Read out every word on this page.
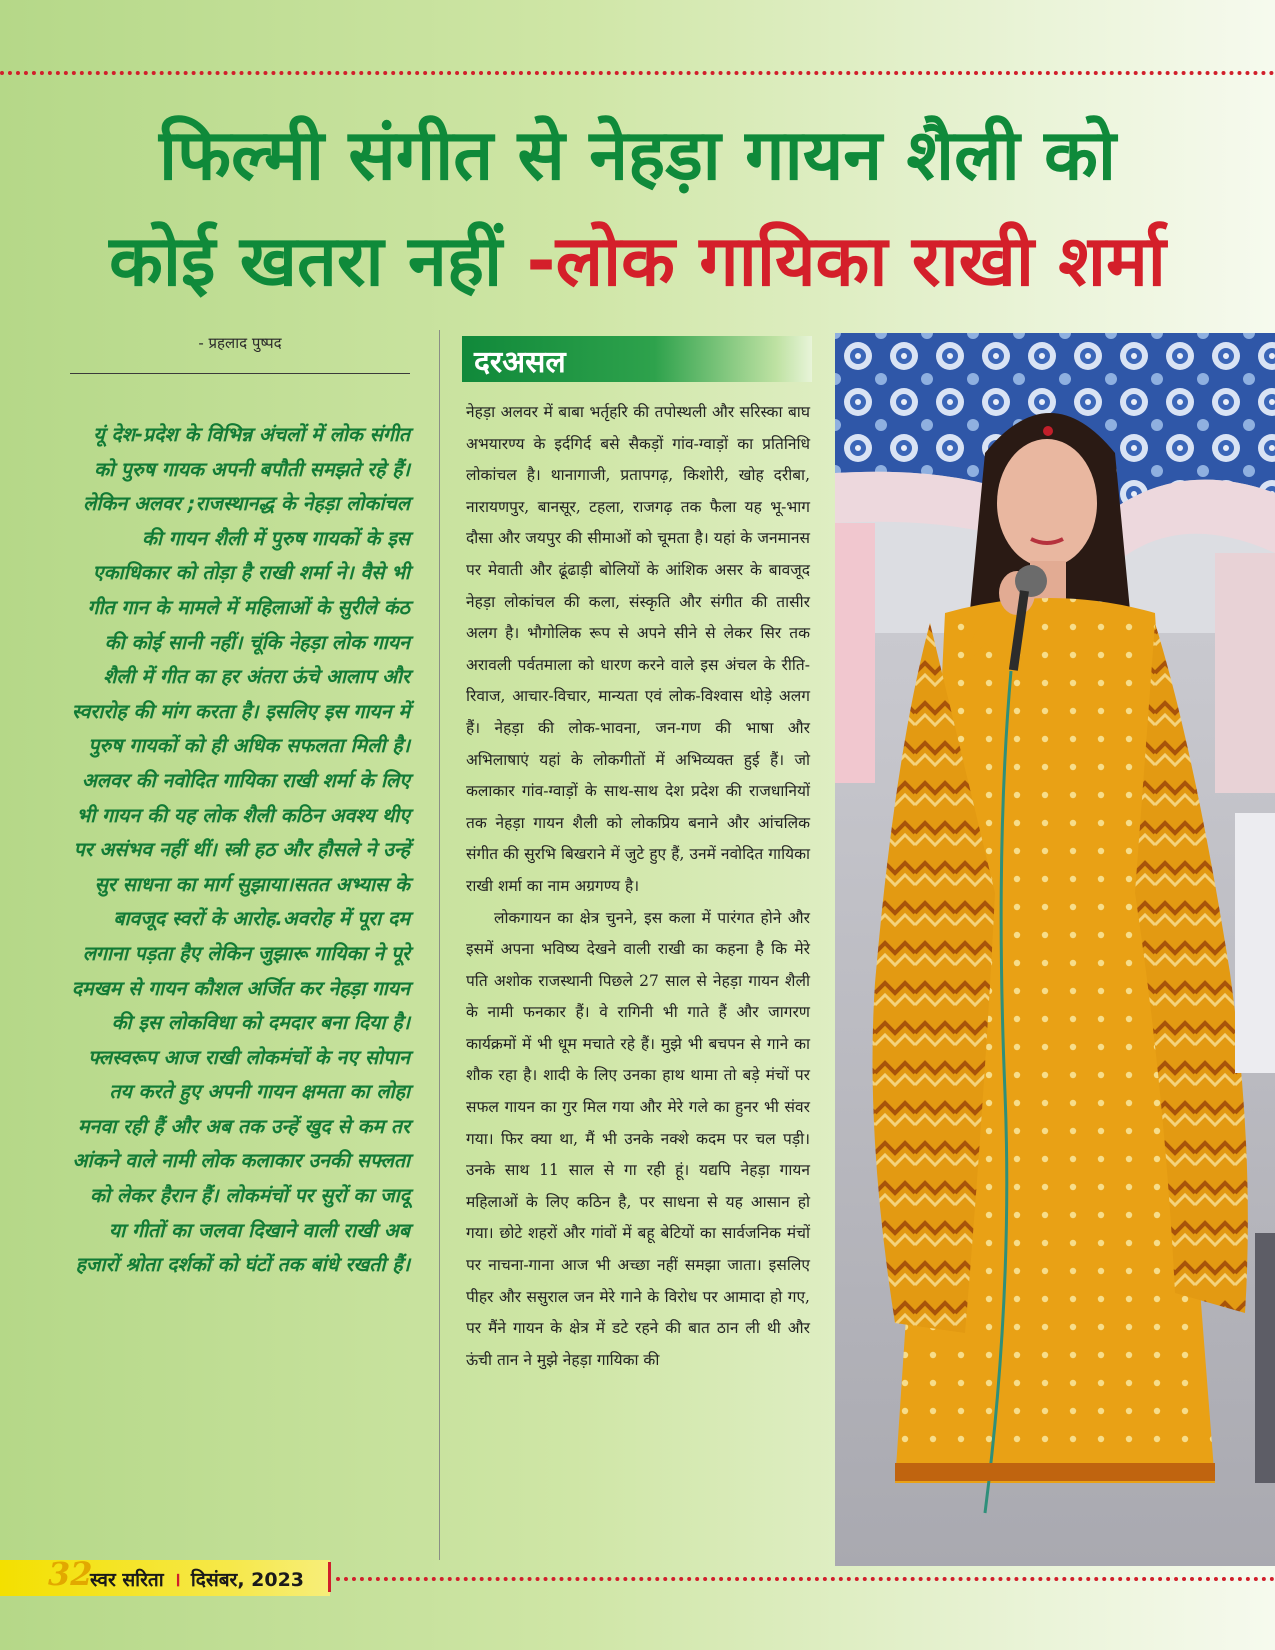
फिल्मी संगीत से नेहड़ा गायन शैली को
कोई खतरा नहीं -लोक गायिका राखी शर्मा
- प्रहलाद पुष्पद
यूं देश-प्रदेश के विभिन्न अंचलों में लोक संगीत को पुरुष गायक अपनी बपौती समझते रहे हैं। लेकिन अलवर ;राजस्थानद्ध के नेहड़ा लोकांचल की गायन शैली में पुरुष गायकों के इस एकाधिकार को तोड़ा है राखी शर्मा ने। वैसे भी गीत गान के मामले में महिलाओं के सुरीले कंठ की कोई सानी नहीं। चूंकि नेहड़ा लोक गायन शैली में गीत का हर अंतरा ऊंचे आलाप और स्वरारोह की मांग करता है। इसलिए इस गायन में पुरुष गायकों को ही अधिक सफलता मिली है। अलवर की नवोदित गायिका राखी शर्मा के लिए भी गायन की यह लोक शैली कठिन अवश्य थीए पर असंभव नहीं थीं। स्त्री हठ और हौसले ने उन्हें सुर साधना का मार्ग सुझाया।सतत अभ्यास के बावजूद स्वरों के आरोह.अवरोह में पूरा दम लगाना पड़ता हैए लेकिन जुझारू गायिका ने पूरे दमखम से गायन कौशल अर्जित कर नेहड़ा गायन की इस लोकविधा को दमदार बना दिया है। फ्लस्वरूप आज राखी लोकमंचों के नए सोपान तय करते हुए अपनी गायन क्षमता का लोहा मनवा रही हैं और अब तक उन्हें खुद से कम तर आंकने वाले नामी लोक कलाकार उनकी सफ्लता को लेकर हैरान हैं। लोकमंचों पर सुरों का जादू या गीतों का जलवा दिखाने वाली राखी अब हजारों श्रोता दर्शकों को घंटों तक बांधे रखती हैं।
दरअसल

नेहड़ा अलवर में बाबा भर्तृहरि की तपोस्थली और सरिस्का बाघ अभयारण्य के इर्दगिर्द बसे सैकड़ों गांव-ग्वाड़ों का प्रतिनिधि लोकांचल है। थानागाजी, प्रतापगढ़, किशोरी, खोह दरीबा, नारायणपुर, बानसूर, टहला, राजगढ़ तक फैला यह भू-भाग दौसा और जयपुर की सीमाओं को चूमता है। यहां के जनमानस पर मेवाती और ढूंढाड़ी बोलियों के आंशिक असर के बावजूद नेहड़ा लोकांचल की कला, संस्कृति और संगीत की तासीर अलग है। भौगोलिक रूप से अपने सीने से लेकर सिर तक अरावली पर्वतमाला को धारण करने वाले इस अंचल के रीति-रिवाज, आचार-विचार, मान्यता एवं लोक-विश्वास थोड़े अलग हैं। नेहड़ा की लोक-भावना, जन-गण की भाषा और अभिलाषाएं यहां के लोकगीतों में अभिव्यक्त हुई हैं। जो कलाकार गांव-ग्वाड़ों के साथ-साथ देश प्रदेश की राजधानियों तक नेहड़ा गायन शैली को लोकप्रिय बनाने और आंचलिक संगीत की सुरभि बिखराने में जुटे हुए हैं, उनमें नवोदित गायिका राखी शर्मा का नाम अग्रगण्य है।

लोकगायन का क्षेत्र चुनने, इस कला में पारंगत होने और इसमें अपना भविष्य देखने वाली राखी का कहना है कि मेरे पति अशोक राजस्थानी पिछले 27 साल से नेहड़ा गायन शैली के नामी फनकार हैं। वे रागिनी भी गाते हैं और जागरण कार्यक्रमों में भी धूम मचाते रहे हैं। मुझे भी बचपन से गाने का शौक रहा है। शादी के लिए उनका हाथ थामा तो बड़े मंचों पर सफल गायन का गुर मिल गया और मेरे गले का हुनर भी संवर गया। फिर क्या था, मैं भी उनके नक्शे कदम पर चल पड़ी। उनके साथ 11 साल से गा रही हूं। यद्यपि नेहड़ा गायन महिलाओं के लिए कठिन है, पर साधना से यह आसान हो गया। छोटे शहरों और गांवों में बहू बेटियों का सार्वजनिक मंचों पर नाचना-गाना आज भी अच्छा नहीं समझा जाता। इसलिए पीहर और ससुराल जन मेरे गाने के विरोध पर आमादा हो गए, पर मैंने गायन के क्षेत्र में डटे रहने की बात ठान ली थी और ऊंची तान ने मुझे नेहड़ा गायिका की

32
स्वर सरिता । दिसंबर, 2023
